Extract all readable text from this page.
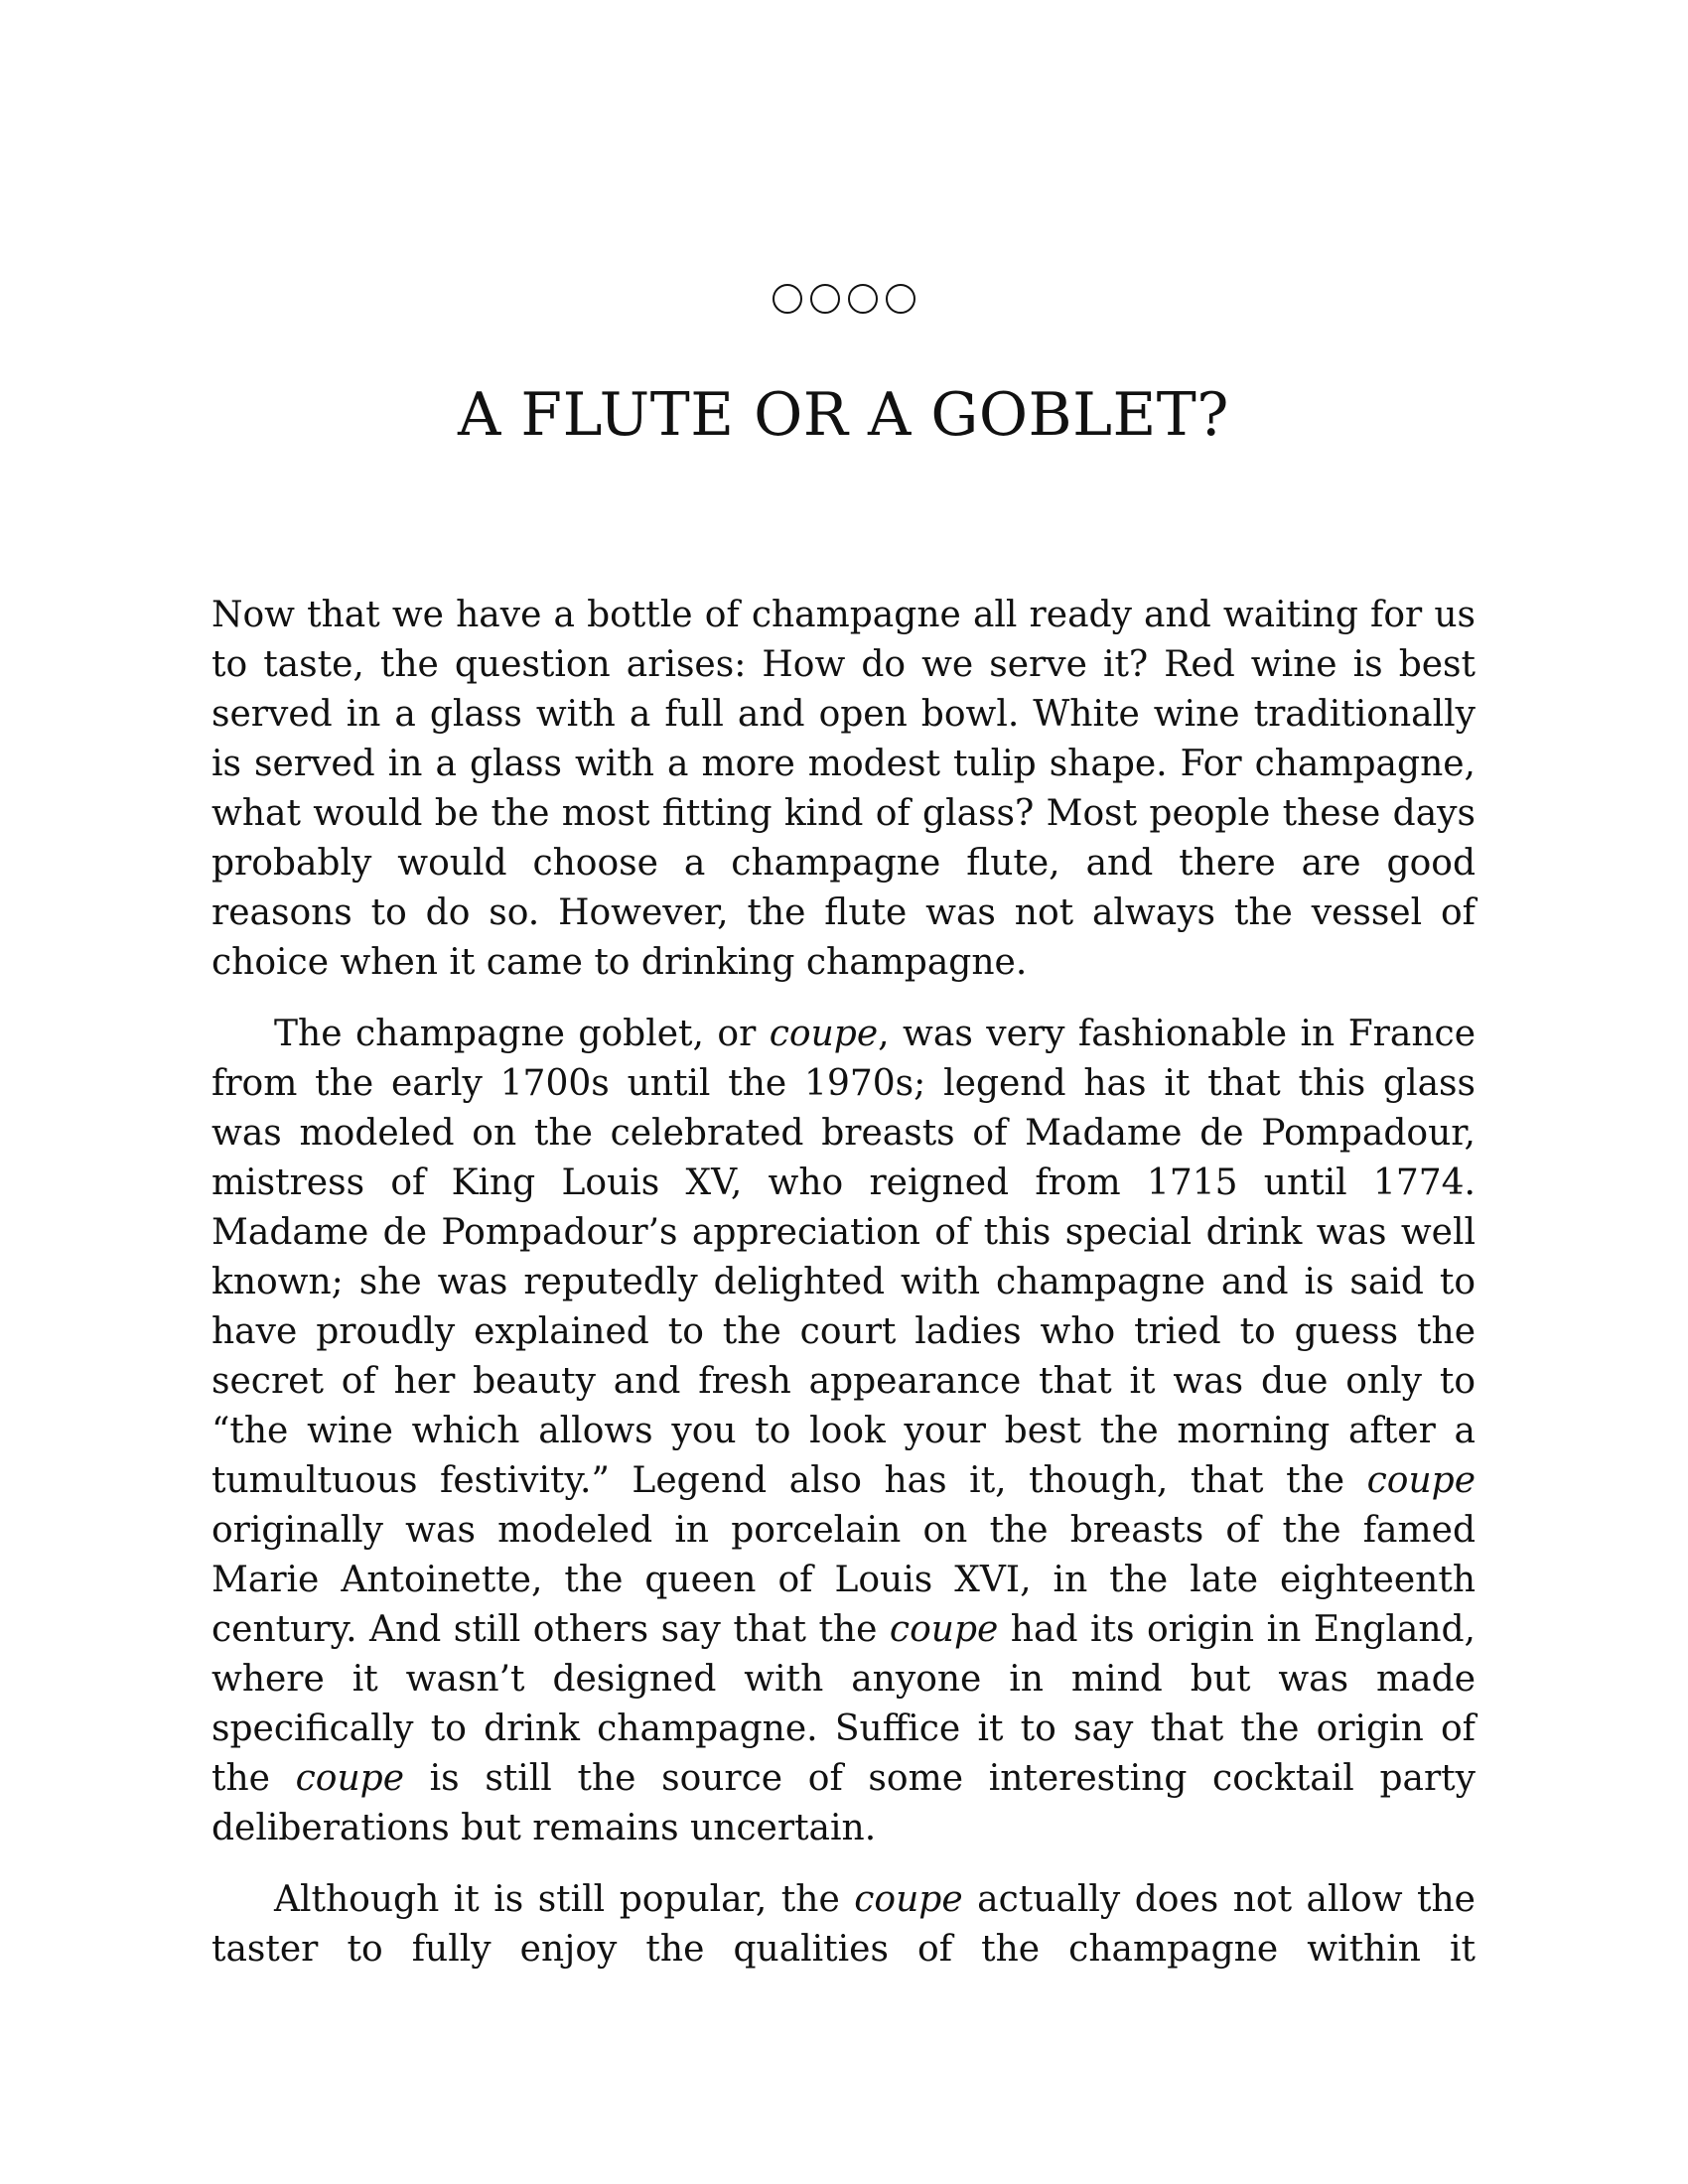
A FLUTE OR A GOBLET?

Now that we have a bottle of champagne all ready and waiting for us to taste, the question arises: How do we serve it? Red wine is best served in a glass with a full and open bowl. White wine traditionally is served in a glass with a more modest tulip shape. For champagne, what would be the most fitting kind of glass? Most people these days probably would choose a champagne flute, and there are good reasons to do so. However, the flute was not always the vessel of choice when it came to drinking champagne.

The champagne goblet, or coupe, was very fashionable in France from the early 1700s until the 1970s; legend has it that this glass was modeled on the celebrated breasts of Madame de Pompadour, mistress of King Louis XV, who reigned from 1715 until 1774. Madame de Pompadour’s appreciation of this special drink was well known; she was reputedly delighted with champagne and is said to have proudly explained to the court ladies who tried to guess the secret of her beauty and fresh appearance that it was due only to “the wine which allows you to look your best the morning after a tumultuous festivity.” Legend also has it, though, that the coupe originally was modeled in porcelain on the breasts of the famed Marie Antoinette, the queen of Louis XVI, in the late eighteenth century. And still others say that the coupe had its origin in England, where it wasn’t designed with anyone in mind but was made specifically to drink champagne. Suffice it to say that the origin of the coupe is still the source of some interesting cocktail party deliberations but remains uncertain.

Although it is still popular, the coupe actually does not allow the taster to fully enjoy the qualities of the champagne within it
